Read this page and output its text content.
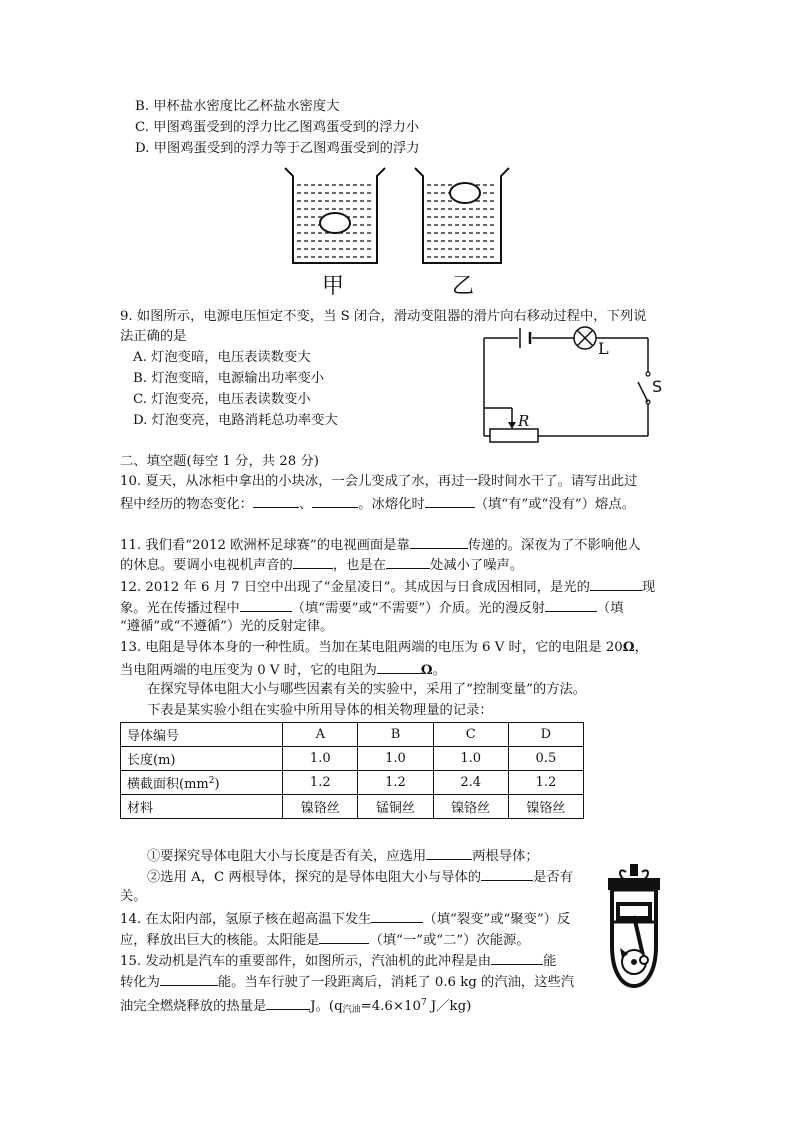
B. 甲杯盐水密度比乙杯盐水密度大
C. 甲图鸡蛋受到的浮力比乙图鸡蛋受到的浮力小
D. 甲图鸡蛋受到的浮力等于乙图鸡蛋受到的浮力
甲	乙
9. 如图所示，电源电压恒定不变，当 S 闭合，滑动变阻器的滑片向右移动过程中，下列说
法正确的是
A. 灯泡变暗，电压表读数变大
B. 灯泡变暗，电源输出功率变小
C. 灯泡变亮，电压表读数变小
D. 灯泡变亮，电路消耗总功率变大
L
S
R
二、填空题(每空 1 分，共 28 分)
10. 夏天，从冰柜中拿出的小块冰，一会儿变成了水，再过一段时间水干了。请写出此过
程中经历的物态变化：	、	。冰熔化时	（填“有”或“没有”）熔点。
11. 我们看“2012 欧洲杯足球赛”的电视画面是靠	传递的。深夜为了不影响他人
的休息。要调小电视机声音的	，也是在	处减小了噪声。
12. 2012 年 6 月 7 日空中出现了“金星凌日”。其成因与日食成因相同，是光的	现
象。光在传播过程中	（填“需要”或“不需要”）介质。光的漫反射	（填
“遵循”或“不遵循”）光的反射定律。
13. 电阻是导体本身的一种性质。当加在某电阻两端的电压为 6 V 时，它的电阻是 20Ω，
当电阻两端的电压变为 0 V 时，它的电阻为	Ω。
在探究导体电阻大小与哪些因素有关的实验中，采用了“控制变量”的方法。
下表是某实验小组在实验中所用导体的相关物理量的记录：
导体编号	A	B	C	D
长度(m)	1.0	1.0	1.0	0.5
横截面积$(mm^2)$	1.2	1.2	2.4	1.2
材料	镍铬丝	锰铜丝	镍铬丝	镍铬丝
①要探究导体电阻大小与长度是否有关，应选用	两根导体；
②选用 A，C 两根导体，探究的是导体电阻大小与导体的	是否有
关。
14. 在太阳内部，氢原子核在超高温下发生	（填“裂变”或“聚变”）反
应，释放出巨大的核能。太阳能是	（填“一”或“二”）次能源。
15. 发动机是汽车的重要部件，如图所示，汽油机的此冲程是由	能
转化为	能。当车行驶了一段距离后，消耗了 0.6 kg 的汽油，这些汽
油完全燃烧释放的热量是	J。($q_{汽油}=4.6\times 10^7$ J／kg)
